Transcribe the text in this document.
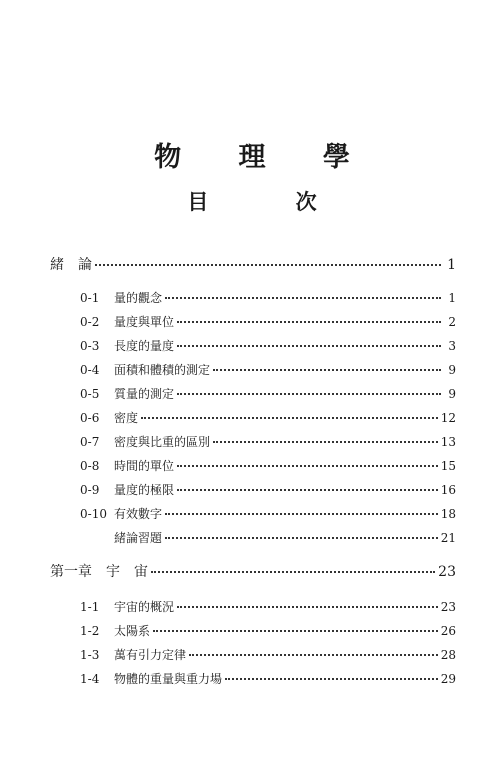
物 理 學
目 次
緒　論	1
0-1	量的觀念	1
0-2	量度與單位	2
0-3	長度的量度	3
0-4	面積和體積的測定	9
0-5	質量的測定	9
0-6	密度	12
0-7	密度與比重的區別	13
0-8	時間的單位	15
0-9	量度的極限	16
0-10 有效數字	18
緒論習題	21
第一章　宇　宙	23
1-1	宇宙的概況	23
1-2	太陽系	26
1-3	萬有引力定律	28
1-4	物體的重量與重力場	29
